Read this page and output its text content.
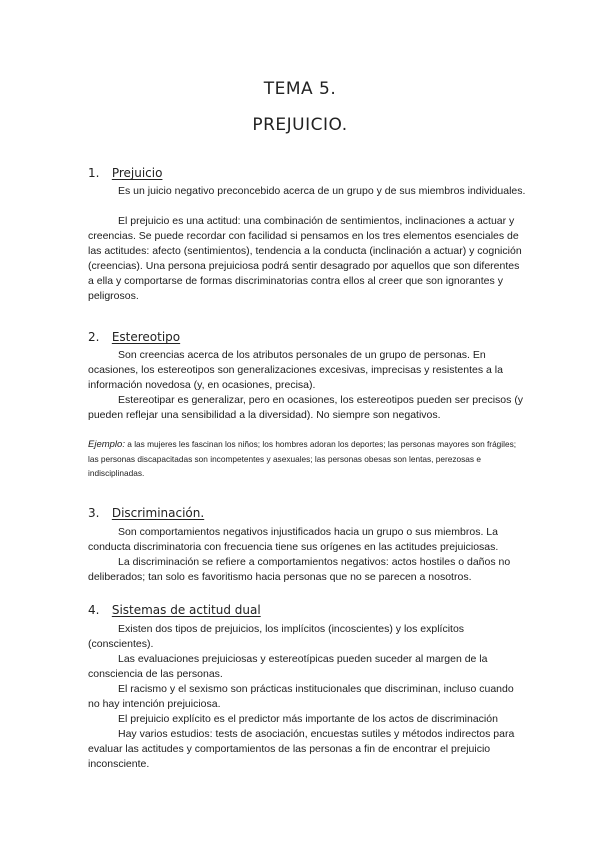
TEMA 5.
PREJUICIO.
1. Prejuicio

Es un juicio negativo preconcebido acerca de un grupo y de sus miembros individuales.

El prejuicio es una actitud: una combinación de sentimientos, inclinaciones a actuar y creencias. Se puede recordar con facilidad si pensamos en los tres elementos esenciales de las actitudes: afecto (sentimientos), tendencia a la conducta (inclinación a actuar) y cognición (creencias). Una persona prejuiciosa podrá sentir desagrado por aquellos que son diferentes a ella y comportarse de formas discriminatorias contra ellos al creer que son ignorantes y peligrosos.

2. Estereotipo

Son creencias acerca de los atributos personales de un grupo de personas. En ocasiones, los estereotipos son generalizaciones excesivas, imprecisas y resistentes a la información novedosa (y, en ocasiones, precisa).

Estereotipar es generalizar, pero en ocasiones, los estereotipos pueden ser precisos (y pueden reflejar una sensibilidad a la diversidad). No siempre son negativos.

Ejemplo: a las mujeres les fascinan los niños; los hombres adoran los deportes; las personas mayores son frágiles; las personas discapacitadas son incompetentes y asexuales; las personas obesas son lentas, perezosas e indisciplinadas.

3. Discriminación.

Son comportamientos negativos injustificados hacia un grupo o sus miembros. La conducta discriminatoria con frecuencia tiene sus orígenes en las actitudes prejuiciosas.

La discriminación se refiere a comportamientos negativos: actos hostiles o daños no deliberados; tan solo es favoritismo hacia personas que no se parecen a nosotros.

4. Sistemas de actitud dual

Existen dos tipos de prejuicios, los implícitos (incoscientes) y los explícitos (conscientes).

Las evaluaciones prejuiciosas y estereotípicas pueden suceder al margen de la consciencia de las personas.

El racismo y el sexismo son prácticas institucionales que discriminan, incluso cuando no hay intención prejuiciosa.

El prejuicio explícito es el predictor más importante de los actos de discriminación

Hay varios estudios: tests de asociación, encuestas sutiles y métodos indirectos para evaluar las actitudes y comportamientos de las personas a fin de encontrar el prejuicio inconsciente.
